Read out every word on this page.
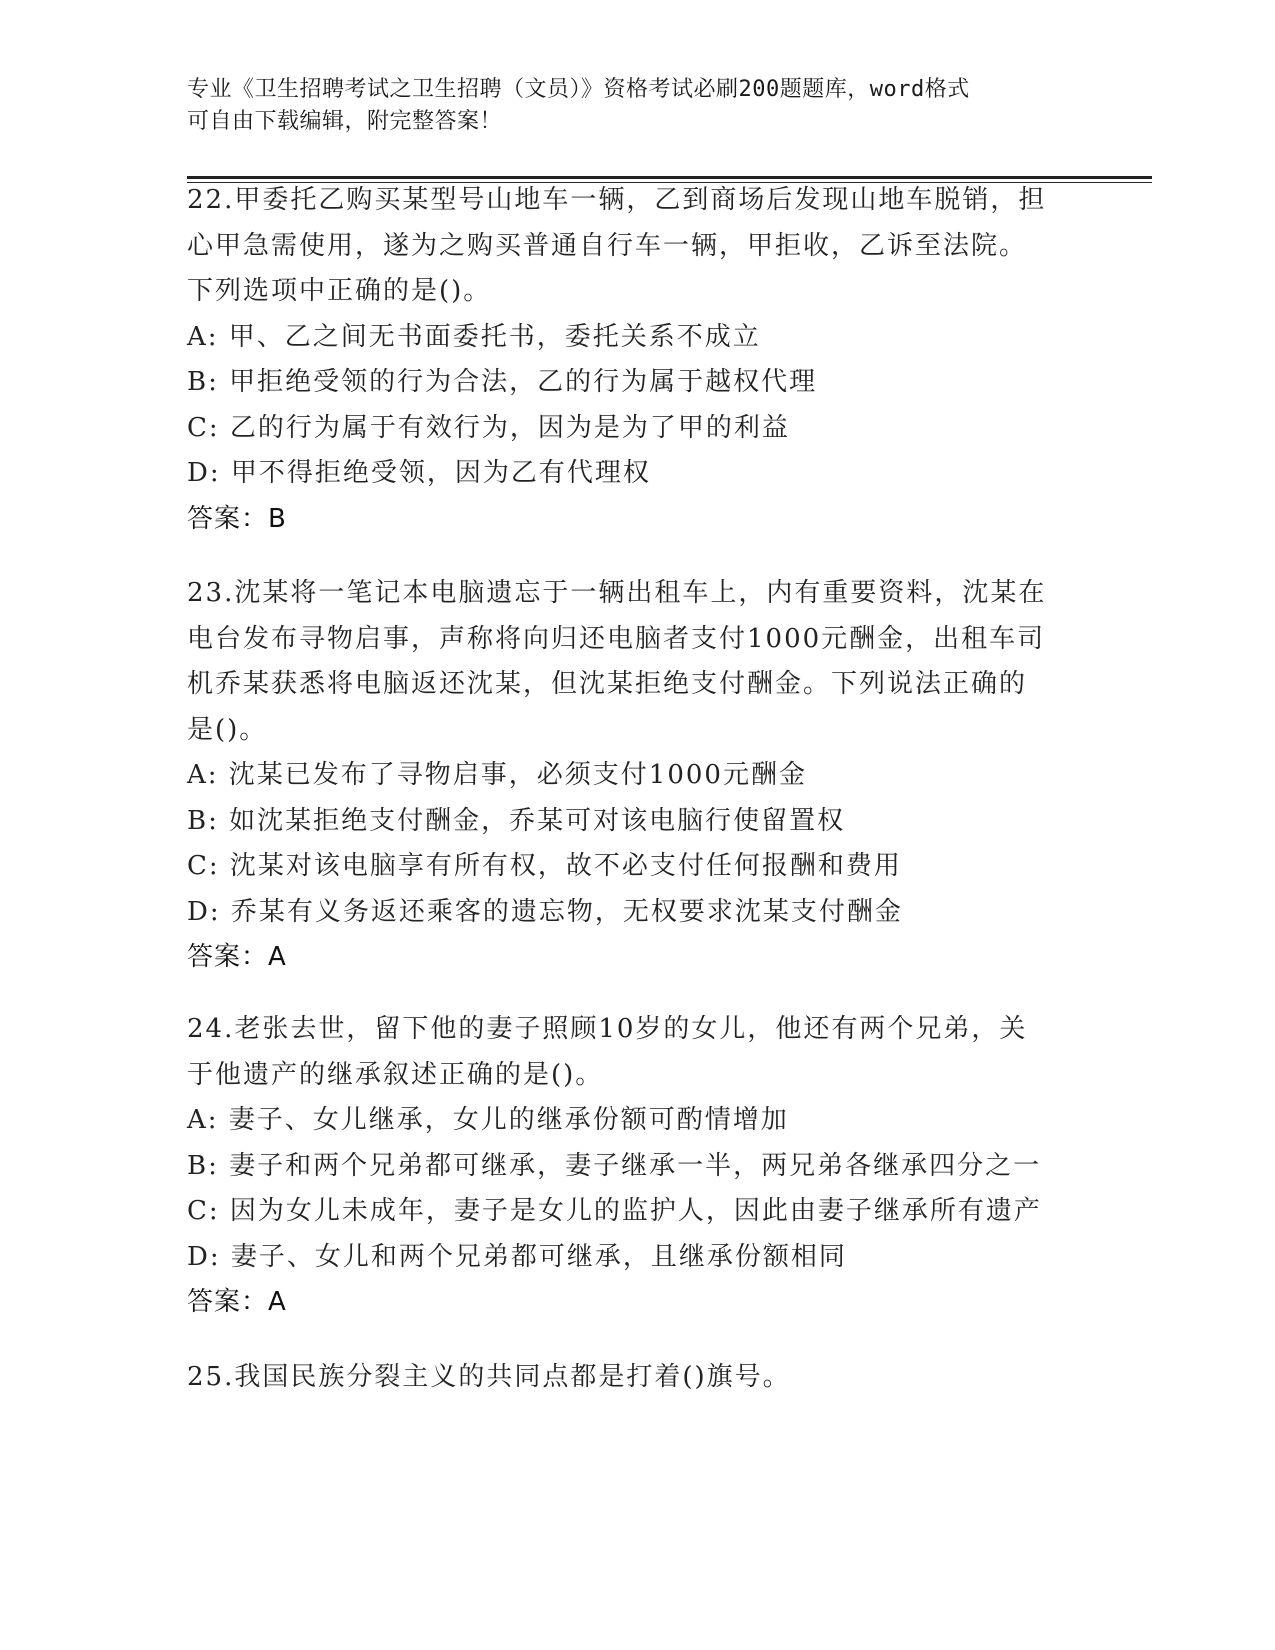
专业《卫生招聘考试之卫生招聘（文员）》资格考试必刷200题题库，word格式
可自由下载编辑，附完整答案！
22.甲委托乙购买某型号山地车一辆，乙到商场后发现山地车脱销，担
心甲急需使用，遂为之购买普通自行车一辆，甲拒收，乙诉至法院。
下列选项中正确的是()。
A: 甲、乙之间无书面委托书，委托关系不成立
B: 甲拒绝受领的行为合法，乙的行为属于越权代理
C: 乙的行为属于有效行为，因为是为了甲的利益
D: 甲不得拒绝受领，因为乙有代理权
答案：B
23.沈某将一笔记本电脑遗忘于一辆出租车上，内有重要资料，沈某在
电台发布寻物启事，声称将向归还电脑者支付1000元酬金，出租车司
机乔某获悉将电脑返还沈某，但沈某拒绝支付酬金。下列说法正确的
是()。
A: 沈某已发布了寻物启事，必须支付1000元酬金
B: 如沈某拒绝支付酬金，乔某可对该电脑行使留置权
C: 沈某对该电脑享有所有权，故不必支付任何报酬和费用
D: 乔某有义务返还乘客的遗忘物，无权要求沈某支付酬金
答案：A
24.老张去世，留下他的妻子照顾10岁的女儿，他还有两个兄弟，关
于他遗产的继承叙述正确的是()。
A: 妻子、女儿继承，女儿的继承份额可酌情增加
B: 妻子和两个兄弟都可继承，妻子继承一半，两兄弟各继承四分之一
C: 因为女儿未成年，妻子是女儿的监护人，因此由妻子继承所有遗产
D: 妻子、女儿和两个兄弟都可继承，且继承份额相同
答案：A
25.我国民族分裂主义的共同点都是打着()旗号。
